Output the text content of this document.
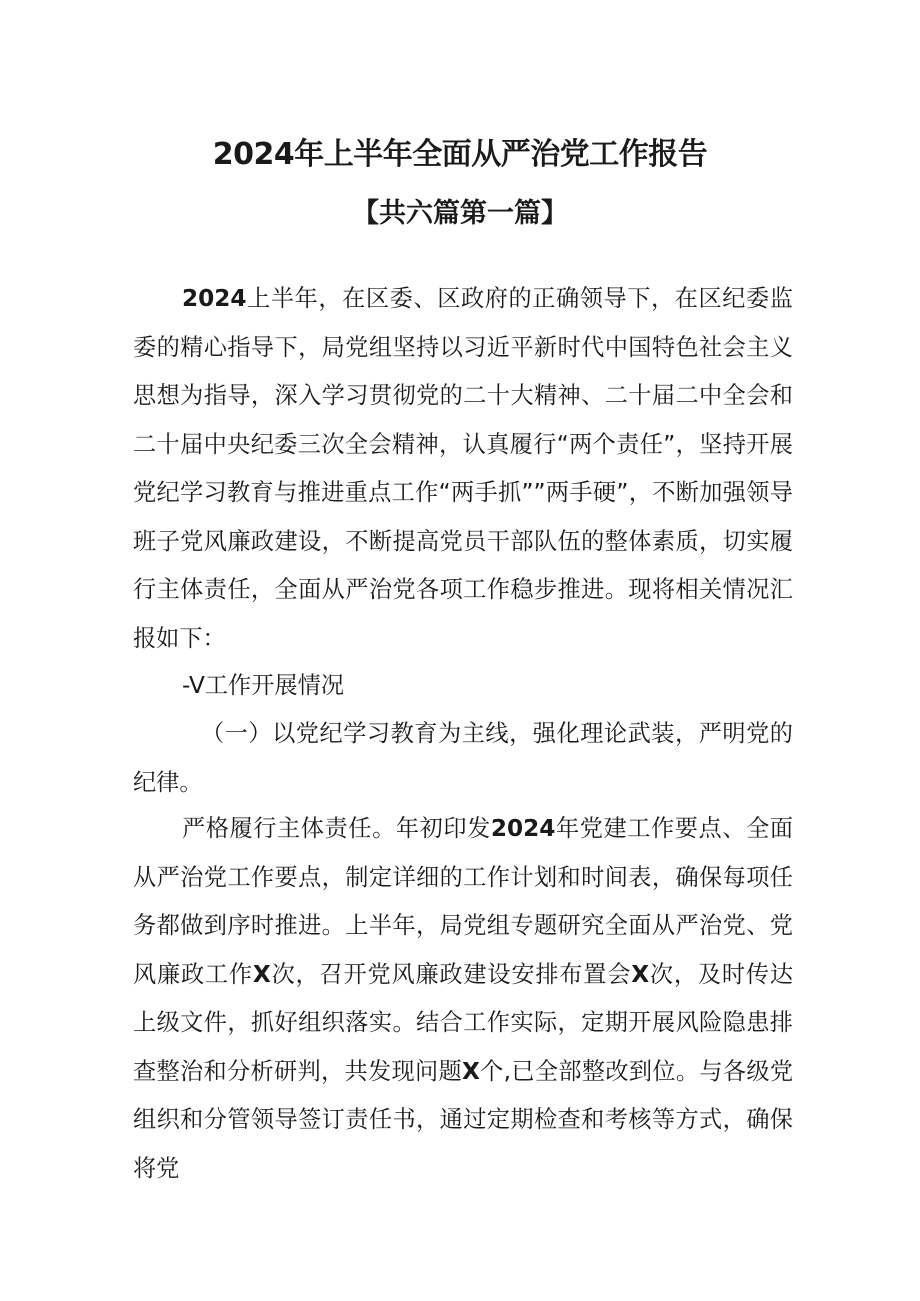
2024年上半年全面从严治党工作报告
【共六篇第一篇】

2024上半年，在区委、区政府的正确领导下，在区纪委监委的精心指导下，局党组坚持以习近平新时代中国特色社会主义思想为指导，深入学习贯彻党的二十大精神、二十届二中全会和二十届中央纪委三次全会精神，认真履行“两个责任”，坚持开展党纪学习教育与推进重点工作“两手抓””两手硬”，不断加强领导班子党风廉政建设，不断提高党员干部队伍的整体素质，切实履行主体责任，全面从严治党各项工作稳步推进。现将相关情况汇报如下：

-V工作开展情况

（一）以党纪学习教育为主线，强化理论武装，严明党的纪律。

严格履行主体责任。年初印发2024年党建工作要点、全面从严治党工作要点，制定详细的工作计划和时间表，确保每项任务都做到序时推进。上半年，局党组专题研究全面从严治党、党风廉政工作X次，召开党风廉政建设安排布置会X次，及时传达上级文件，抓好组织落实。结合工作实际，定期开展风险隐患排查整治和分析研判，共发现问题X个,已全部整改到位。与各级党组织和分管领导签订责任书，通过定期检查和考核等方式，确保将党
